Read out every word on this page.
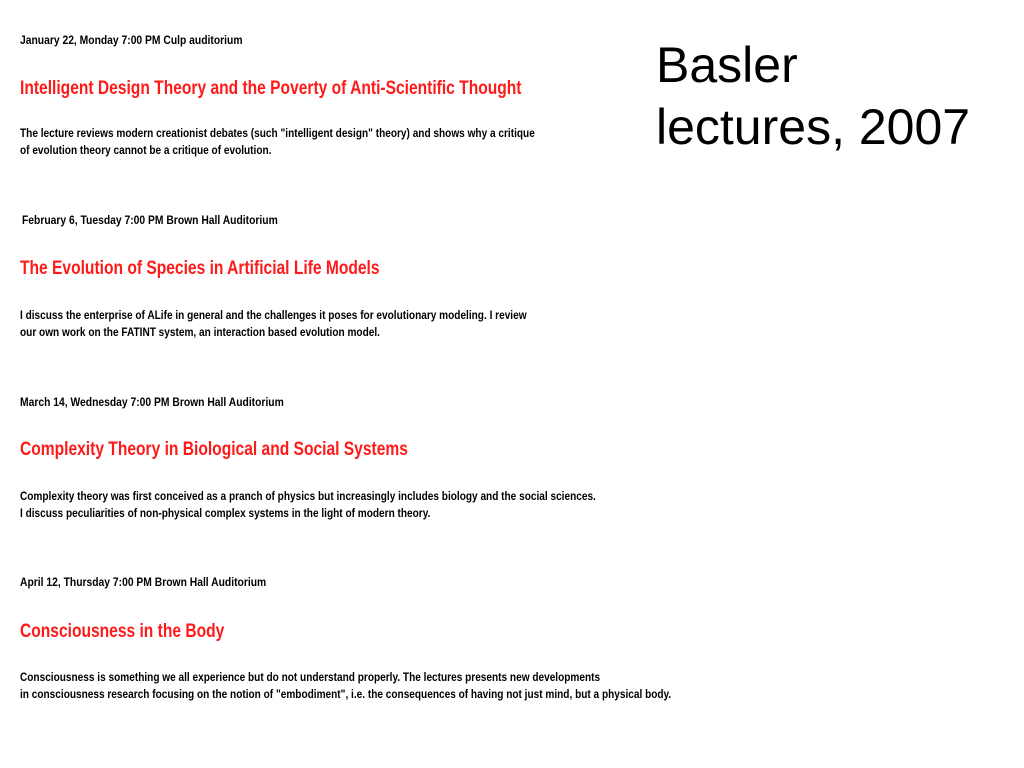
Basler
lectures, 2007
January 22, Monday 7:00 PM Culp auditorium
Intelligent Design Theory and the Poverty of Anti-Scientific Thought
The lecture reviews modern creationist debates (such "intelligent design" theory) and shows why a critique
of evolution theory cannot be a critique of evolution.
February 6, Tuesday 7:00 PM Brown Hall Auditorium
The Evolution of Species in Artificial Life Models
I discuss the enterprise of ALife in general and the challenges it poses for evolutionary modeling. I review
our own work on the FATINT system, an interaction based evolution model.
March 14, Wednesday 7:00 PM Brown Hall Auditorium
Complexity Theory in Biological and Social Systems
Complexity theory was first conceived as a pranch of physics but increasingly includes biology and the social sciences.
I discuss peculiarities of non-physical complex systems in the light of modern theory.
April 12, Thursday 7:00 PM Brown Hall Auditorium
Consciousness in the Body
Consciousness is something we all experience but do not understand properly. The lectures presents new developments
in consciousness research focusing on the notion of "embodiment", i.e. the consequences of having not just mind, but a physical body.
